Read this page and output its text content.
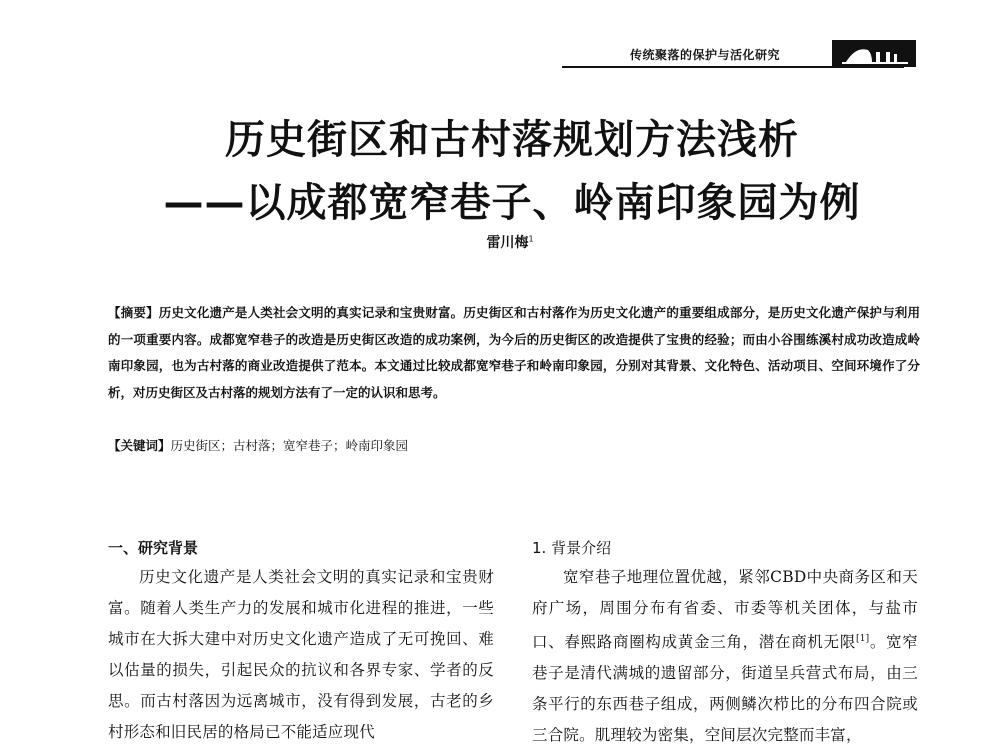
传统聚落的保护与活化研究
历史街区和古村落规划方法浅析
——以成都宽窄巷子、岭南印象园为例
雷川梅$^1$
【摘要】历史文化遗产是人类社会文明的真实记录和宝贵财富。历史街区和古村落作为历史文化遗产的重要组成部分，是历史文化遗产保护与利用的一项重要内容。成都宽窄巷子的改造是历史街区改造的成功案例，为今后的历史街区的改造提供了宝贵的经验；而由小谷围练溪村成功改造成岭南印象园，也为古村落的商业改造提供了范本。本文通过比较成都宽窄巷子和岭南印象园，分别对其背景、文化特色、活动项目、空间环境作了分析，对历史街区及古村落的规划方法有了一定的认识和思考。
【关键词】历史街区；古村落；宽窄巷子；岭南印象园
一、研究背景

历史文化遗产是人类社会文明的真实记录和宝贵财富。随着人类生产力的发展和城市化进程的推进，一些城市在大拆大建中对历史文化遗产造成了无可挽回、难以估量的损失，引起民众的抗议和各界专家、学者的反思。而古村落因为远离城市，没有得到发展，古老的乡村形态和旧民居的格局已不能适应现代

1. 背景介绍

宽窄巷子地理位置优越，紧邻CBD中央商务区和天府广场，周围分布有省委、市委等机关团体，与盐市口、春熙路商圈构成黄金三角，潜在商机无限[1]。宽窄巷子是清代满城的遗留部分，街道呈兵营式布局，由三条平行的东西巷子组成，两侧鳞次栉比的分布四合院或三合院。肌理较为密集，空间层次完整而丰富，
